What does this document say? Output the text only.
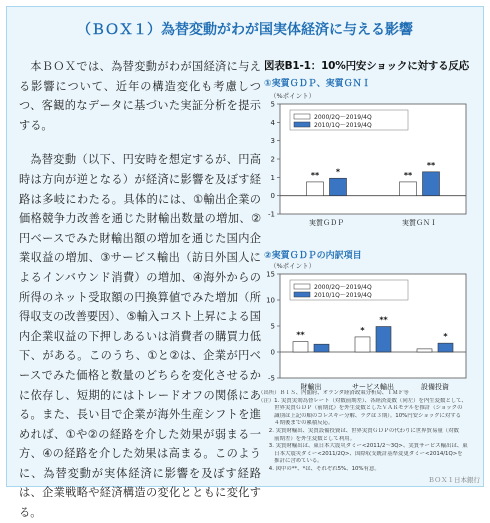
（ＢＯＸ１）為替変動がわが国実体経済に与える影響

本ＢＯＸでは、為替変動がわが国経済に与える影響について、近年の構造変化も考慮しつつ、客観的なデータに基づいた実証分析を提示する。

為替変動（以下、円安時を想定するが、円高時は方向が逆となる）が経済に影響を及ぼす経路は多岐にわたる。具体的には、①輸出企業の価格競争力改善を通じた財輸出数量の増加、②円ベースでみた財輸出額の増加を通じた国内企業収益の増加、③サービス輸出（訪日外国人によるインバウンド消費）の増加、④海外からの所得のネット受取額の円換算値でみた増加（所得収支の改善要因）、⑤輸入コスト上昇による国内企業収益の下押しあるいは消費者の購買力低下、がある。このうち、①と②は、企業が円ベースでみた価格と数量のどちらを変化させるかに依存し、短期的にはトレードオフの関係にある。また、長い目で企業が海外生産シフトを進めれば、①や②の経路を介した効果が弱まる一方、④の経路を介した効果は高まる。このように、為替変動が実体経済に影響を及ぼす経路は、企業戦略や経済構造の変化とともに変化する。

図表B1-1：10%円安ショックに対する反応
①実質ＧＤＰ、実質ＧＮＩ
（%ポイント）
5
4
3
2
1
0
-1
** *
実質ＧＤＰ
**
**
実質ＧＮＩ
2000/2Q～2019/4Q
2010/1Q～2019/4Q
②実質ＧＤＰの内訳項目
（%ポイント）
15
10
5
0
-5
**
財輸出
*
**
サービス輸出
*
設備投資
2000/2Q～2019/4Q
2010/1Q～2019/4Q
（出所）ＢＩＳ、内閣府、オランダ経済政策分析局、ＩＭＦ等
（注）1. 実質実効為替レート（対数前期差）、各経済変数（同左）を内生変数として、
　　　世界実質ＧＤＰ（前期比）を外生変数としたＶＡＲモデルを推計（ショックの
　　　識別は上記の順のコレスキー分解、ラグは３期）。10%円安ショックに対する
　　　４期後までの累積反応。
　　2. 実質財輸出、実質設備投資は、世界実質ＧＤＰの代わりに世界貿易量（対数
　　　前期差）を外生変数として利用。
　　3. 実質財輸出は、東日本大震災ダミー<2011/2～3Q>、実質サービス輸出は、東
　　　日本大震災ダミー<2011/2Q>、国際収支統計基準変更ダミー<2014/1Q>を
　　　推計に含めている。
　　4. 図中の**、*は、それぞれ5%、10%有意。
ＢＯＸ１日本銀行
